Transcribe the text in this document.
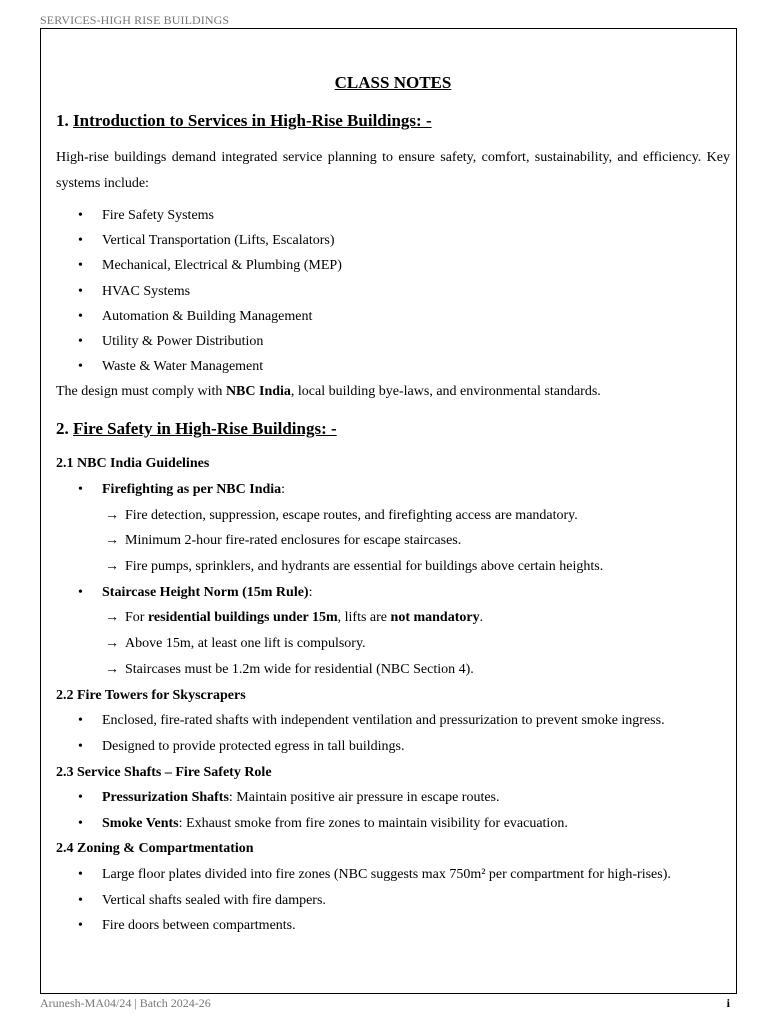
SERVICES-HIGH RISE BUILDINGS
CLASS NOTES
1. Introduction to Services in High-Rise Buildings: -

High-rise buildings demand integrated service planning to ensure safety, comfort, sustainability, and efficiency. Key systems include:

• Fire Safety Systems
• Vertical Transportation (Lifts, Escalators)
• Mechanical, Electrical & Plumbing (MEP)
• HVAC Systems
• Automation & Building Management
• Utility & Power Distribution
• Waste & Water Management

The design must comply with NBC India, local building bye-laws, and environmental standards.

2. Fire Safety in High-Rise Buildings: -
2.1 NBC India Guidelines
• Firefighting as per NBC India:
→ Fire detection, suppression, escape routes, and firefighting access are mandatory.
→ Minimum 2-hour fire-rated enclosures for escape staircases.
→ Fire pumps, sprinklers, and hydrants are essential for buildings above certain heights.
• Staircase Height Norm (15m Rule):
→ For residential buildings under 15m, lifts are not mandatory.
→ Above 15m, at least one lift is compulsory.
→ Staircases must be 1.2m wide for residential (NBC Section 4).
2.2 Fire Towers for Skyscrapers
• Enclosed, fire-rated shafts with independent ventilation and pressurization to prevent smoke ingress.
• Designed to provide protected egress in tall buildings.
2.3 Service Shafts – Fire Safety Role
• Pressurization Shafts: Maintain positive air pressure in escape routes.
• Smoke Vents: Exhaust smoke from fire zones to maintain visibility for evacuation.
2.4 Zoning & Compartmentation
• Large floor plates divided into fire zones (NBC suggests max 750m² per compartment for high-rises).
• Vertical shafts sealed with fire dampers.
• Fire doors between compartments.
Arunesh-MA04/24 | Batch 2024-26	i
